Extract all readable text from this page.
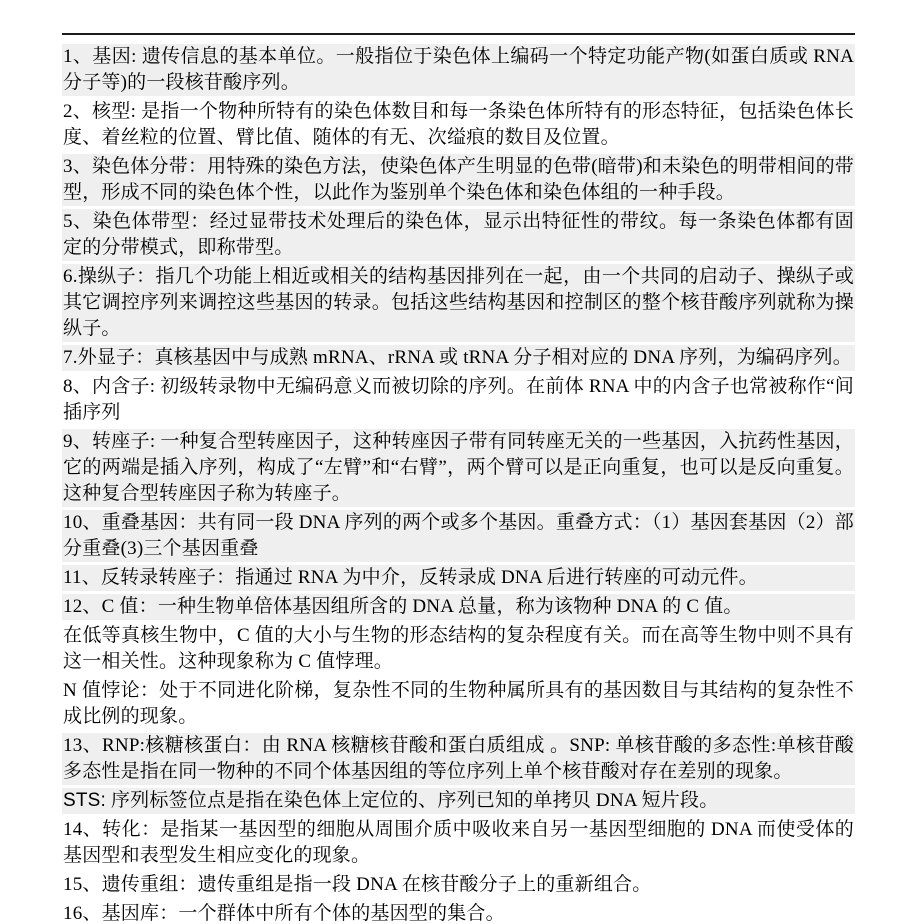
1、基因: 遗传信息的基本单位。一般指位于染色体上编码一个特定功能产物(如蛋白质或 RNA 分子等)的一段核苷酸序列。

2、核型: 是指一个物种所特有的染色体数目和每一条染色体所特有的形态特征，包括染色体长度、着丝粒的位置、臂比值、随体的有无、次缢痕的数目及位置。

3、染色体分带：用特殊的染色方法，使染色体产生明显的色带(暗带)和未染色的明带相间的带型，形成不同的染色体个性，以此作为鉴别单个染色体和染色体组的一种手段。

5、染色体带型：经过显带技术处理后的染色体，显示出特征性的带纹。每一条染色体都有固定的分带模式，即称带型。

6.操纵子：指几个功能上相近或相关的结构基因排列在一起，由一个共同的启动子、操纵子或其它调控序列来调控这些基因的转录。包括这些结构基因和控制区的整个核苷酸序列就称为操纵子。

7.外显子：真核基因中与成熟 mRNA、rRNA 或 tRNA 分子相对应的 DNA 序列，为编码序列。

8、内含子: 初级转录物中无编码意义而被切除的序列。在前体 RNA 中的内含子也常被称作“间插序列

9、转座子: 一种复合型转座因子，这种转座因子带有同转座无关的一些基因，入抗药性基因，它的两端是插入序列，构成了“左臂”和“右臂”，两个臂可以是正向重复，也可以是反向重复。这种复合型转座因子称为转座子。

10、重叠基因：共有同一段 DNA 序列的两个或多个基因。重叠方式：（1）基因套基因（2）部分重叠(3)三个基因重叠

11、反转录转座子：指通过 RNA 为中介，反转录成 DNA 后进行转座的可动元件。

12、C 值：一种生物单倍体基因组所含的 DNA 总量，称为该物种 DNA 的 C 值。

在低等真核生物中，C 值的大小与生物的形态结构的复杂程度有关。而在高等生物中则不具有这一相关性。这种现象称为 C 值悖理。

N 值悖论：处于不同进化阶梯，复杂性不同的生物种属所具有的基因数目与其结构的复杂性不成比例的现象。

13、RNP:核糖核蛋白：由 RNA 核糖核苷酸和蛋白质组成 。SNP: 单核苷酸的多态性:单核苷酸多态性是指在同一物种的不同个体基因组的等位序列上单个核苷酸对存在差别的现象。

STS: 序列标签位点是指在染色体上定位的、序列已知的单拷贝 DNA 短片段。

14、转化：是指某一基因型的细胞从周围介质中吸收来自另一基因型细胞的 DNA 而使受体的基因型和表型发生相应变化的现象。

15、遗传重组：遗传重组是指一段 DNA 在核苷酸分子上的重新组合。

16、基因库：一个群体中所有个体的基因型的集合。
